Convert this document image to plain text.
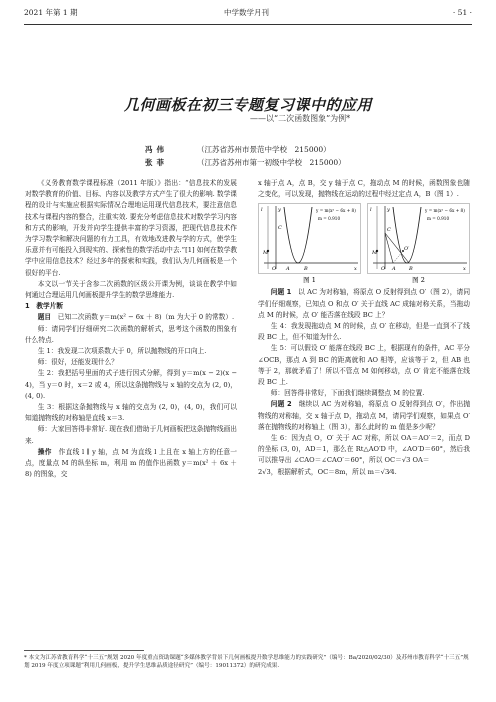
2021 年第 1 期	中学数学月刊	· 51 ·
几何画板在初三专题复习课中的应用
——以“二次函数图象”为例*
冯伟	（江苏省苏州市景范中学校　215000）
张菲	（江苏省苏州市第一初级中学校　215000）

《义务教育数学课程标准（2011 年版）》指出：“信息技术的发展对数学教育的价值、目标、内容以及教学方式产生了很大的影响. 数学课程的设计与实施应根据实际情况合理地运用现代信息技术，要注意信息技术与课程内容的整合，注重实效. 要充分考虑信息技术对数学学习内容和方式的影响，开发并向学生提供丰富的学习资源，把现代信息技术作为学习数学和解决问题的有力工具，有效地改进教与学的方式，使学生乐意并有可能投入到现实的、探索性的数学活动中去.”[1] 如何在数学教学中应用信息技术？经过多年的探索和实践，我们认为几何画板是一个很好的平台.

本文以一节关于含参二次函数的区级公开课为例，谈谈在教学中如何通过合理运用几何画板提升学生的数学思维能力.

1　教学片断

题目　 已知二次函数 y＝m(x² − 6x ＋ 8)（m 为大于 0 的常数）.

师：请同学们仔细研究二次函数的解析式，思考这个函数的图象有什么特点.

生 1：我发现二次项系数大于 0，所以抛物线的开口向上.

师：很好，还能发现什么？

生 2：我把括号里面的式子进行因式分解，得到 y＝m(x − 2)(x − 4)，当 y＝0 时，x＝2 或 4，所以这条抛物线与 x 轴的交点为 (2, 0)，(4, 0).

生 3：根据这条抛物线与 x 轴的交点为 (2, 0)，(4, 0)，我们可以知道抛物线的对称轴是直线 x＝3.

师：大家回答得非常好. 现在我们借助于几何画板把这条抛物线画出来.

操作　 作直线 l ∥ y 轴，点 M 为直线 l 上且在 x 轴上方的任意一点，度量点 M 的纵坐标 m，利用 m 的值作出函数 y＝m(x² ＋ 6x ＋ 8) 的图象，交

x 轴于点 A，点 B，交 y 轴于点 C，拖动点 M 的时候，函数图象也随之变化，可以发现，抛物线在运动的过程中经过定点 A，B（图 1）.

M
l	y
x
O A	B
C
y = m(x² − 6x + 8)
m = 0.910
图 1
M
l	y
x
O A	B
C
O′
y = m(x² − 6x + 8)
m = 0.910
图 2

问题 1　 以 AC 为对称轴，将原点 O 反射得到点 O′（图 2），请同学们仔细观察，已知点 O 和点 O′ 关于直线 AC 成轴对称关系，当拖动点 M 的时候，点 O′ 能否落在线段 BC 上？

生 4：我发现拖动点 M 的时候，点 O′ 在移动，但是一直到不了线段 BC 上，但不知道为什么.

生 5：可以假设 O′ 能落在线段 BC 上，根据现有的条件，AC 平分 ∠OCB，那点 A 到 BC 的距离就和 AO 相等，应该等于 2，但 AB 也等于 2，那就矛盾了！所以不管点 M 如何移动，点 O′ 肯定不能落在线段 BC 上.

师：回答得非常好，下面我们继续调整点 M 的位置.

问题 2　 继续以 AC 为对称轴，将原点 O 反射得到点 O′，作出抛物线的对称轴，交 x 轴于点 D，拖动点 M，请同学们观察，如果点 O′ 落在抛物线的对称轴上（图 3），那么此时的 m 值是多少呢？

生 6：因为点 O，O′ 关于 AC 对称，所以 OA＝AO′＝2，而点 D 的坐标 (3, 0)，AD＝1，那么在 Rt△AO′D 中，∠AO′D＝60°，然后我可以推导出 ∠CAO＝∠CAO′＝60°，所以 OC＝√3 OA＝

2√3，根据解析式，OC＝8m，所以 m＝√3⁄4.

* 本文为江苏省教育科学“十三五”规划 2020 年度重点资助课题“多媒体教学背景下几何画板提升数学思维能力的实践研究”（编号：Ba/2020/02/30）及苏州市教育科学“十三五”规划 2019 年度立项课题“利用几何画板，提升学生思维品质途径研究”（编号：19011372）的研究成果.
